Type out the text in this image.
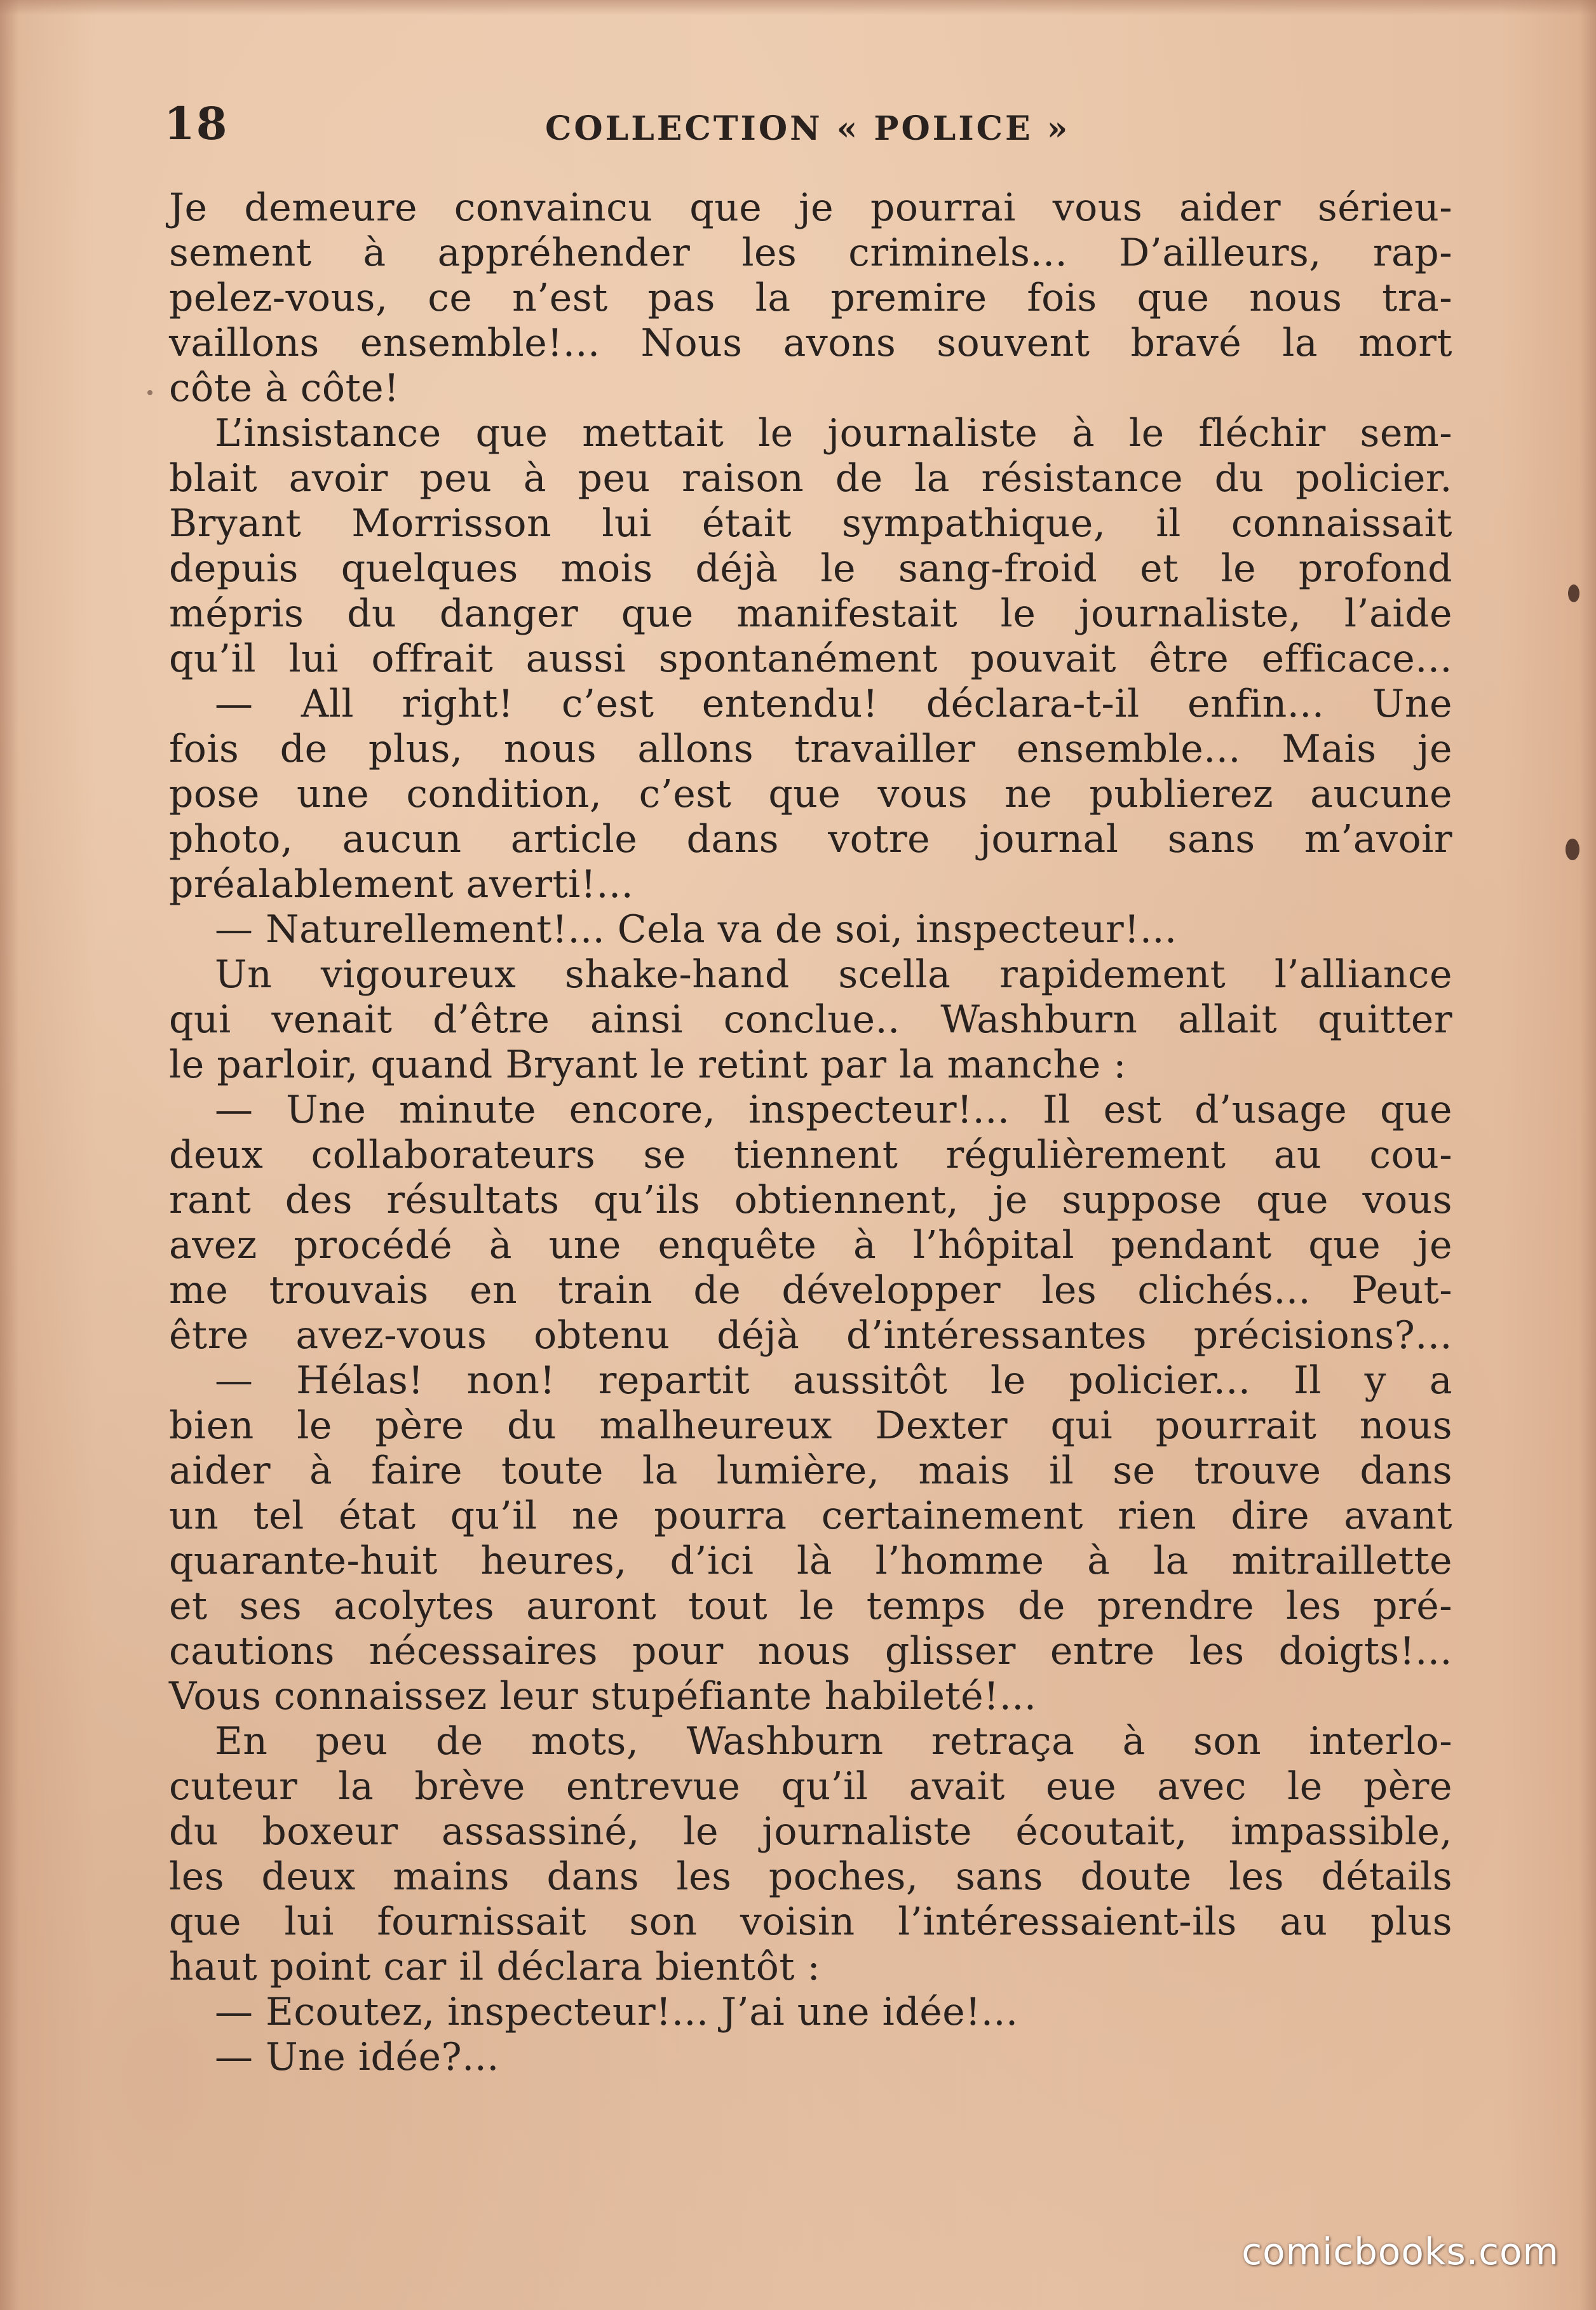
18	COLLECTION « POLICE »
Je demeure convaincu que je pourrai vous aider sérieu-
sement à appréhender les criminels... D’ailleurs, rap-
pelez-vous, ce n’est pas la premire fois que nous tra-
vaillons ensemble!... Nous avons souvent bravé la mort
côte à côte!
L’insistance que mettait le journaliste à le fléchir sem-
blait avoir peu à peu raison de la résistance du policier.
Bryant Morrisson lui était sympathique, il connaissait
depuis quelques mois déjà le sang-froid et le profond
mépris du danger que manifestait le journaliste, l’aide
qu’il lui offrait aussi spontanément pouvait être efficace...
— All right! c’est entendu! déclara-t-il enfin... Une
fois de plus, nous allons travailler ensemble... Mais je
pose une condition, c’est que vous ne publierez aucune
photo, aucun article dans votre journal sans m’avoir
préalablement averti!...
— Naturellement!... Cela va de soi, inspecteur!...
Un vigoureux shake-hand scella rapidement l’alliance
qui venait d’être ainsi conclue.. Washburn allait quitter
le parloir, quand Bryant le retint par la manche :
— Une minute encore, inspecteur!... Il est d’usage que
deux collaborateurs se tiennent régulièrement au cou-
rant des résultats qu’ils obtiennent, je suppose que vous
avez procédé à une enquête à l’hôpital pendant que je
me trouvais en train de développer les clichés... Peut-
être avez-vous obtenu déjà d’intéressantes précisions?...
— Hélas! non! repartit aussitôt le policier... Il y a
bien le père du malheureux Dexter qui pourrait nous
aider à faire toute la lumière, mais il se trouve dans
un tel état qu’il ne pourra certainement rien dire avant
quarante-huit heures, d’ici là l’homme à la mitraillette
et ses acolytes auront tout le temps de prendre les pré-
cautions nécessaires pour nous glisser entre les doigts!...
Vous connaissez leur stupéfiante habileté!...
En peu de mots, Washburn retraça à son interlo-
cuteur la brève entrevue qu’il avait eue avec le père
du boxeur assassiné, le journaliste écoutait, impassible,
les deux mains dans les poches, sans doute les détails
que lui fournissait son voisin l’intéressaient-ils au plus
haut point car il déclara bientôt :
— Ecoutez, inspecteur!... J’ai une idée!...
— Une idée?...
comicbooks.com
